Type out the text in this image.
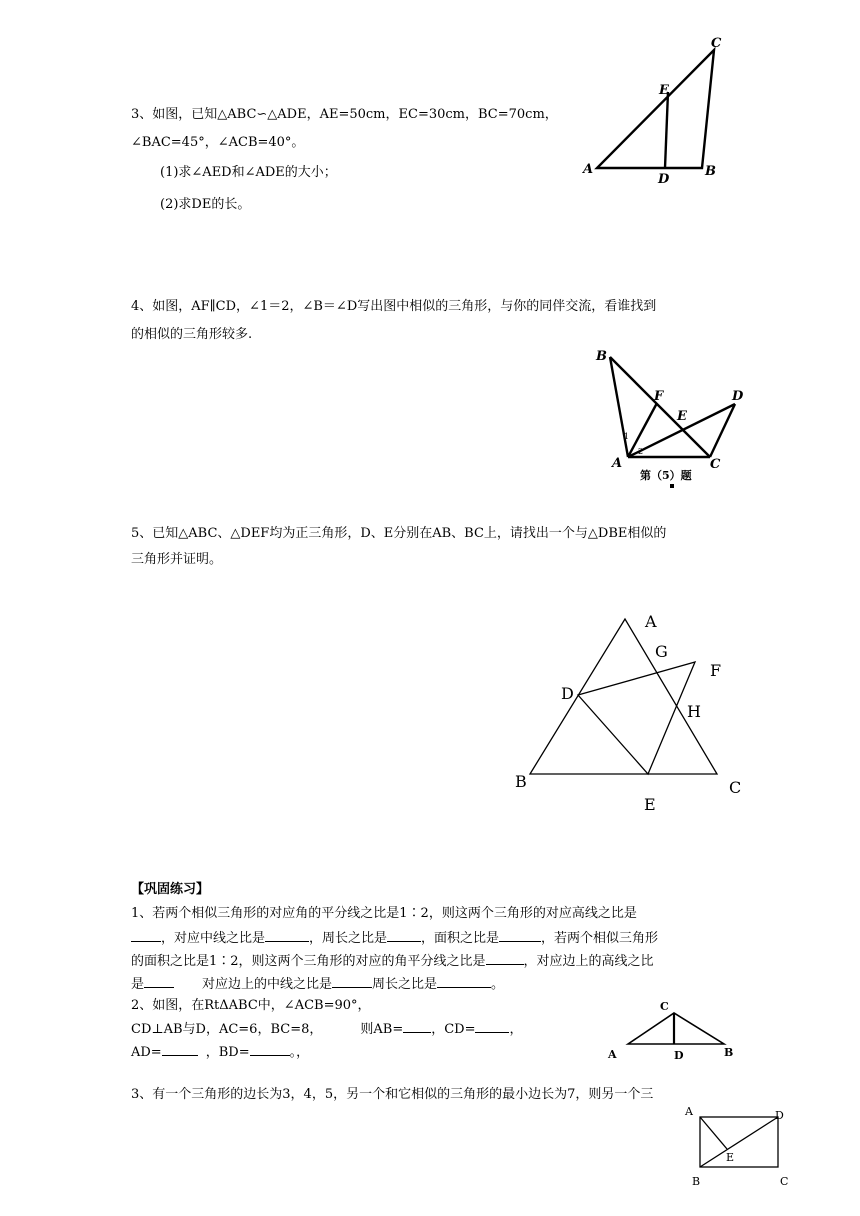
3、如图，已知△ABC∽△ADE，AE=50cm，EC=30cm，BC=70cm，
∠BAC=45°，∠ACB=40°。
(1)求∠AED和∠ADE的大小；
(2)求DE的长。
A	B
C
D
E
4、如图，AF∥CD，∠1＝2，∠B＝∠D写出图中相似的三角形，与你的同伴交流，看谁找到
的相似的三角形较多.
B
F	D
E
A	C
1
2
第（5）题
5、已知△ABC、△DEF均为正三角形，D、E分别在AB、BC上，请找出一个与△DBE相似的
三角形并证明。
A
G
F
D
H
B	C
E
【巩固练习】
1、若两个相似三角形的对应角的平分线之比是1∶2，则这两个三角形的对应高线之比是
，对应中线之比是	，周长之比是	，面积之比是	，若两个相似三角形
的面积之比是1∶2，则这两个三角形的对应的角平分线之比是	，对应边上的高线之比
是	对应边上的中线之比是	周长之比是	。
2、如图，在RtΔABC中，∠ACB=90°，
CD⊥AB与D，AC=6，BC=8，	则AB= ，CD=	，
AD=	，BD=	。，
C
A	D	B
3、有一个三角形的边长为3，4，5，另一个和它相似的三角形的最小边长为7，则另一个三
A	D
E
B	C
